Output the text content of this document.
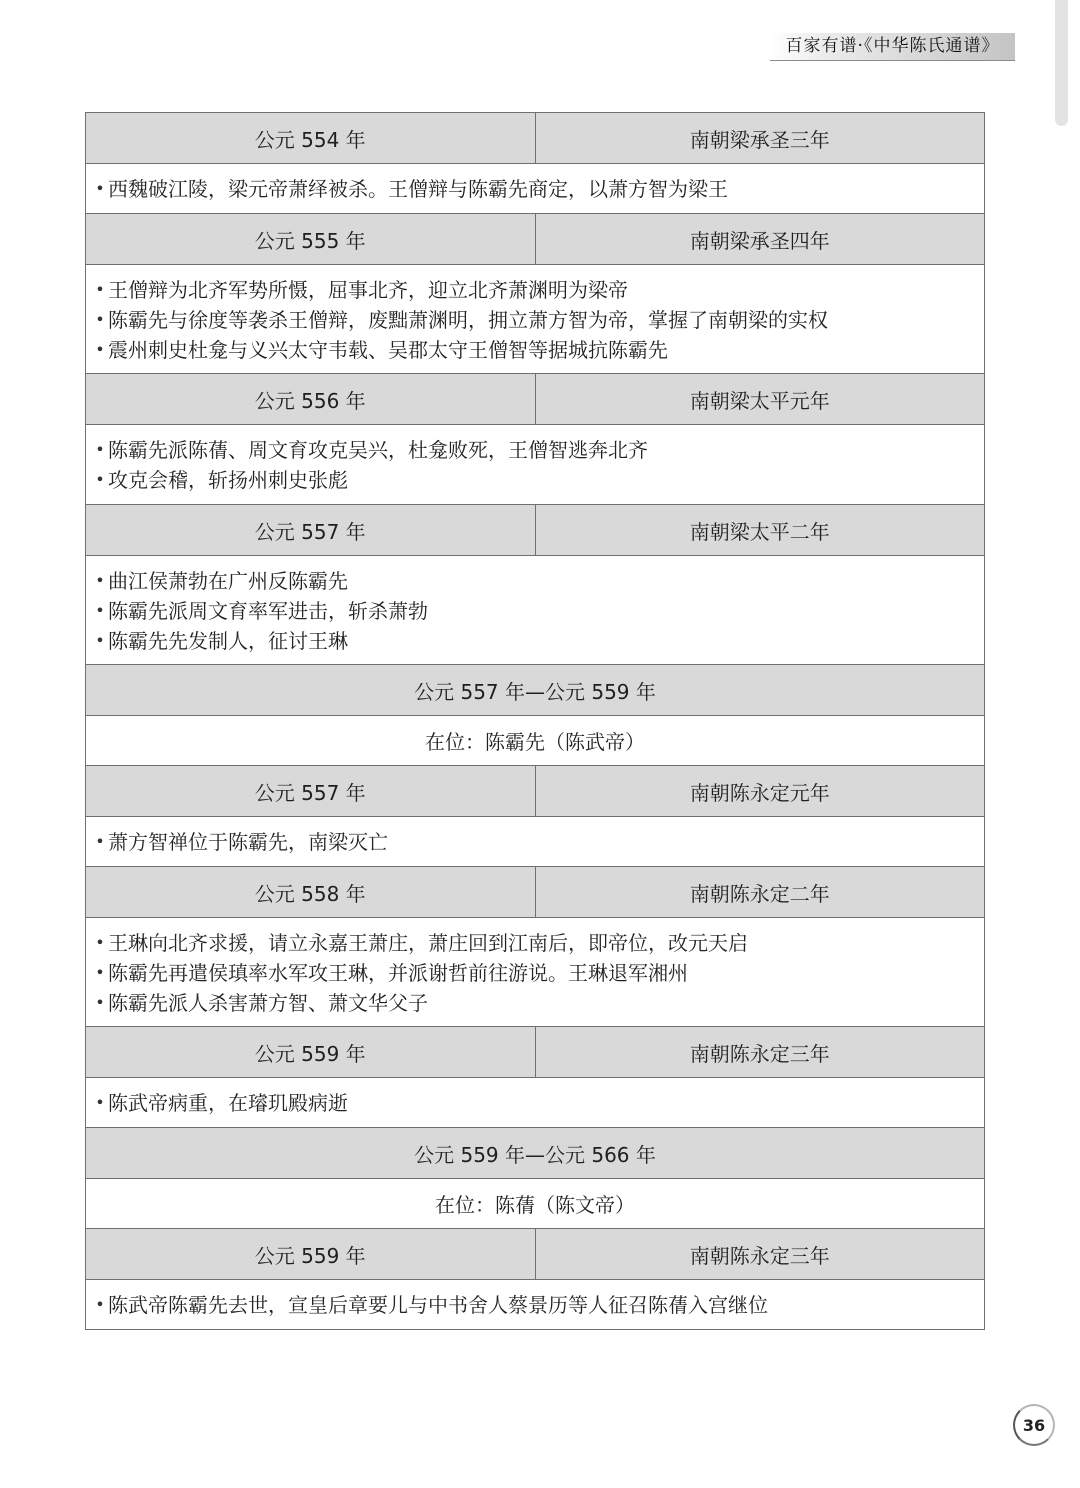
百家有谱·《中华陈氏通谱》
公元 554 年	南朝梁承圣三年
•
西魏破江陵，梁元帝萧绎被杀。王僧辩与陈霸先商定，以萧方智为梁王
公元 555 年	南朝梁承圣四年
•
王僧辩为北齐军势所慑，屈事北齐，迎立北齐萧渊明为梁帝
•
陈霸先与徐度等袭杀王僧辩，废黜萧渊明，拥立萧方智为帝，掌握了南朝梁的实权
•
震州刺史杜龛与义兴太守韦载、吴郡太守王僧智等据城抗陈霸先
公元 556 年	南朝梁太平元年
•
陈霸先派陈蒨、周文育攻克吴兴，杜龛败死，王僧智逃奔北齐
•
攻克会稽，斩扬州刺史张彪
公元 557 年	南朝梁太平二年
•
曲江侯萧勃在广州反陈霸先
•
陈霸先派周文育率军进击，斩杀萧勃
•
陈霸先先发制人，征讨王琳
公元 557 年—公元 559 年
在位：陈霸先（陈武帝）
公元 557 年	南朝陈永定元年
•
萧方智禅位于陈霸先，南梁灭亡
公元 558 年	南朝陈永定二年
•
王琳向北齐求援，请立永嘉王萧庄，萧庄回到江南后，即帝位，改元天启
•
陈霸先再遣侯瑱率水军攻王琳，并派谢哲前往游说。王琳退军湘州
•
陈霸先派人杀害萧方智、萧文华父子
公元 559 年	南朝陈永定三年
•
陈武帝病重，在璿玑殿病逝
公元 559 年—公元 566 年
在位：陈蒨（陈文帝）
公元 559 年	南朝陈永定三年
•
陈武帝陈霸先去世，宣皇后章要儿与中书舍人蔡景历等人征召陈蒨入宫继位
36
